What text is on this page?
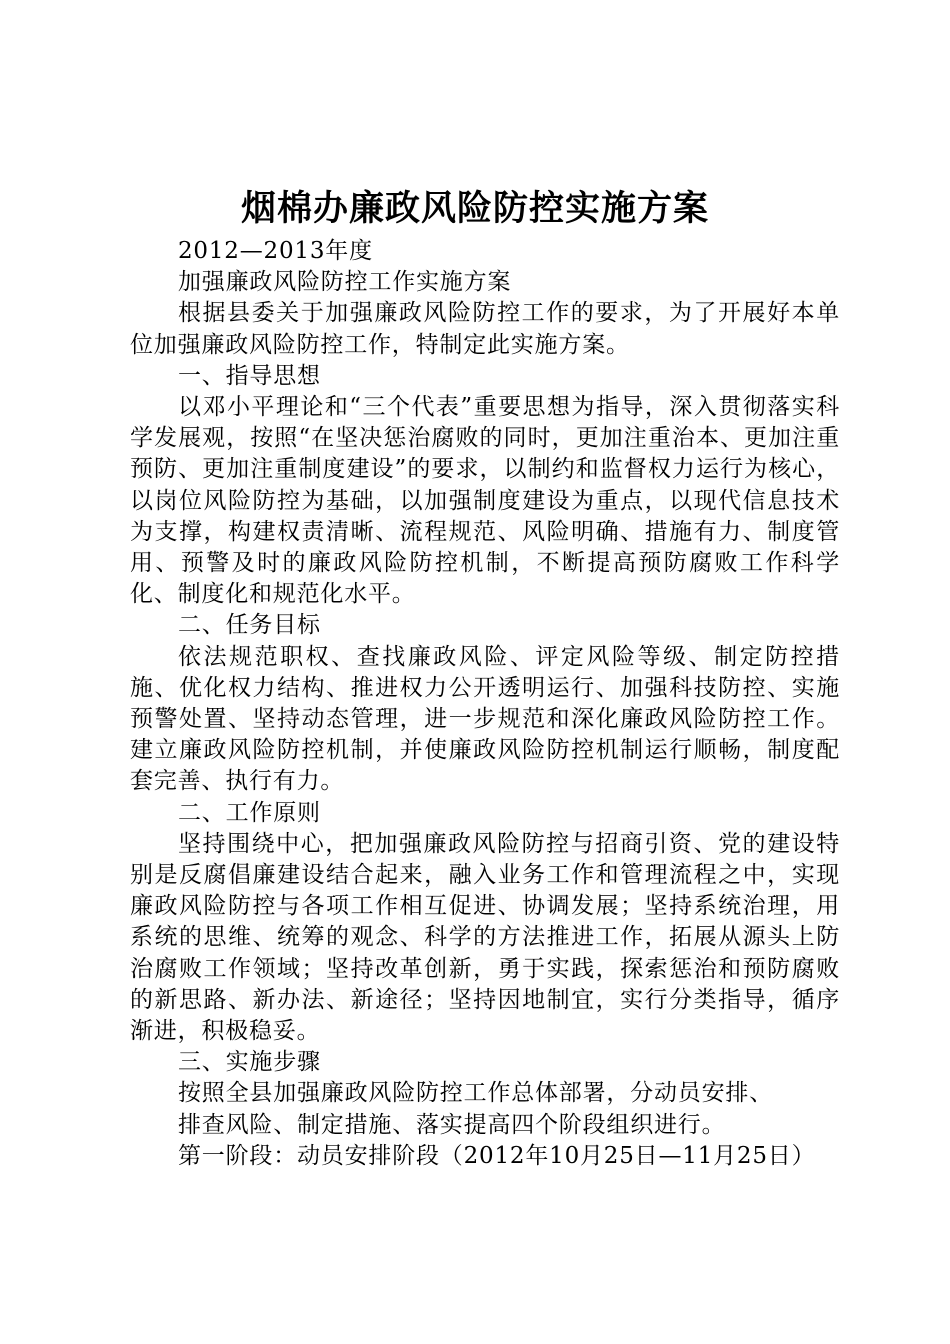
烟棉办廉政风险防控实施方案

2012—2013年度

加强廉政风险防控工作实施方案

根据县委关于加强廉政风险防控工作的要求，为了开展好本单位加强廉政风险防控工作，特制定此实施方案。

一、指导思想

以邓小平理论和“三个代表”重要思想为指导，深入贯彻落实科学发展观，按照“在坚决惩治腐败的同时，更加注重治本、更加注重预防、更加注重制度建设”的要求，以制约和监督权力运行为核心，以岗位风险防控为基础，以加强制度建设为重点，以现代信息技术为支撑，构建权责清晰、流程规范、风险明确、措施有力、制度管用、预警及时的廉政风险防控机制，不断提高预防腐败工作科学化、制度化和规范化水平。

二、任务目标

依法规范职权、查找廉政风险、评定风险等级、制定防控措施、优化权力结构、推进权力公开透明运行、加强科技防控、实施预警处置、坚持动态管理，进一步规范和深化廉政风险防控工作。建立廉政风险防控机制，并使廉政风险防控机制运行顺畅，制度配套完善、执行有力。

二、工作原则

坚持围绕中心，把加强廉政风险防控与招商引资、党的建设特别是反腐倡廉建设结合起来，融入业务工作和管理流程之中，实现廉政风险防控与各项工作相互促进、协调发展；坚持系统治理，用系统的思维、统筹的观念、科学的方法推进工作，拓展从源头上防治腐败工作领域；坚持改革创新，勇于实践，探索惩治和预防腐败的新思路、新办法、新途径；坚持因地制宜，实行分类指导，循序渐进，积极稳妥。

三、实施步骤

按照全县加强廉政风险防控工作总体部署，分动员安排、

排查风险、制定措施、落实提高四个阶段组织进行。

第一阶段：动员安排阶段（2012年10月25日—11月25日）
